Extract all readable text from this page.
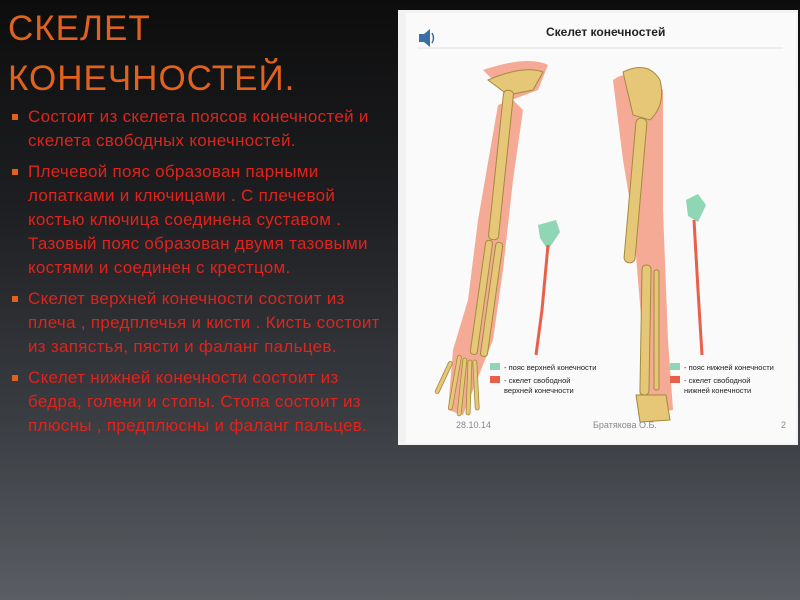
СКЕЛЕТ
КОНЕЧНОСТЕЙ.
Состоит из скелета поясов конечностей и скелета свободных конечностей.
Плечевой пояс образован парными лопатками и ключицами . С плечевой костью ключица соединена суставом . Тазовый пояс образован двумя тазовыми костями и соединен с крестцом.
Скелет верхней конечности состоит из плеча , предплечья и кисти . Кисть состоит из запястья, пясти и фаланг пальцев.
Скелет нижней конечности состоит из бедра, голени и стопы. Стопа состоит из плюсны , предплюсны и фаланг пальцев.
Скелет конечностей
- пояс верхней конечности
- скелет свободной
верхней конечности
- пояс нижней конечности
- скелет свободной
нижней конечности
28.10.14	Братякова О.Б.	2
